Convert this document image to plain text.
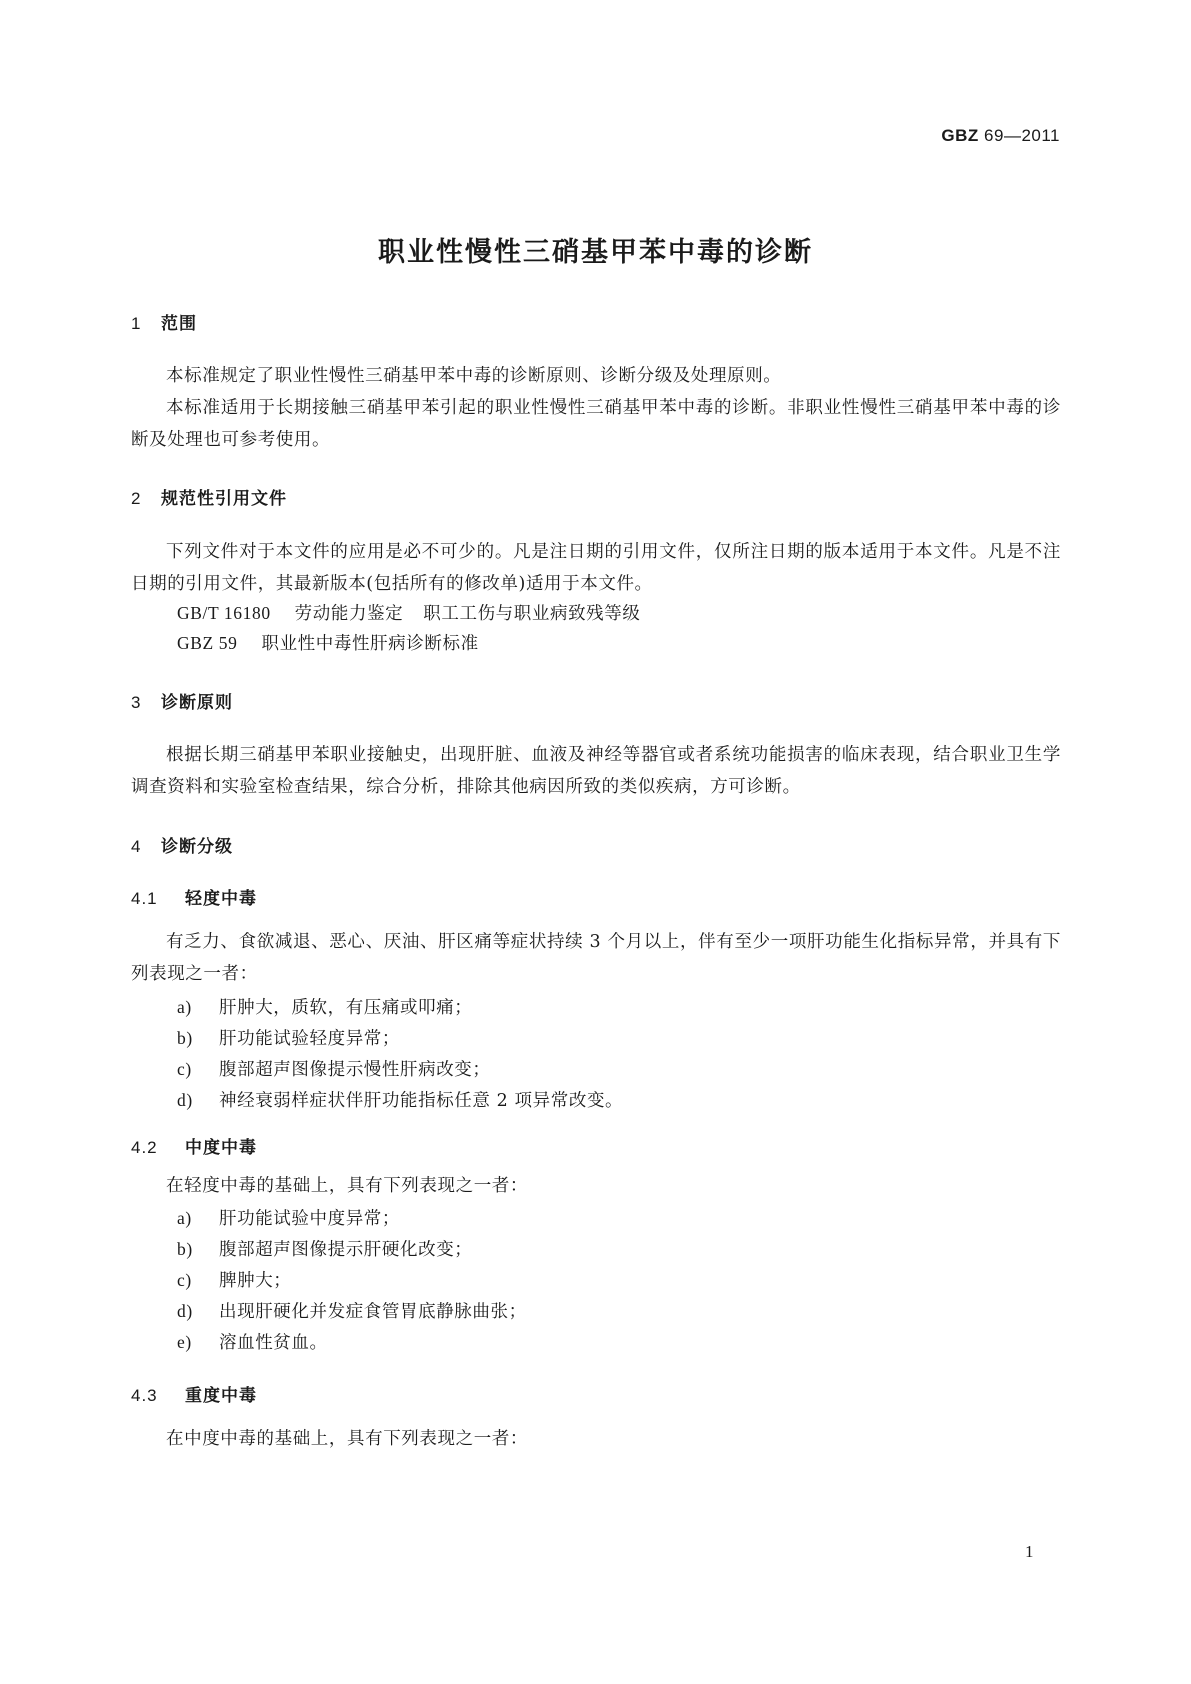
GBZ 69—2011
职业性慢性三硝基甲苯中毒的诊断
1 范围
本标准规定了职业性慢性三硝基甲苯中毒的诊断原则、诊断分级及处理原则。
本标准适用于长期接触三硝基甲苯引起的职业性慢性三硝基甲苯中毒的诊断。非职业性慢性三硝基甲苯中毒的诊断及处理也可参考使用。
2 规范性引用文件
下列文件对于本文件的应用是必不可少的。凡是注日期的引用文件，仅所注日期的版本适用于本文件。凡是不注日期的引用文件，其最新版本(包括所有的修改单)适用于本文件。
GB/T 16180 劳动能力鉴定 职工工伤与职业病致残等级
GBZ 59 职业性中毒性肝病诊断标准
3 诊断原则
根据长期三硝基甲苯职业接触史，出现肝脏、血液及神经等器官或者系统功能损害的临床表现，结合职业卫生学调查资料和实验室检查结果，综合分析，排除其他病因所致的类似疾病，方可诊断。
4 诊断分级
4.1 轻度中毒
有乏力、食欲减退、恶心、厌油、肝区痛等症状持续 3 个月以上，伴有至少一项肝功能生化指标异常，并具有下列表现之一者：
a) 肝肿大，质软，有压痛或叩痛；
b) 肝功能试验轻度异常；
c) 腹部超声图像提示慢性肝病改变；
d) 神经衰弱样症状伴肝功能指标任意 2 项异常改变。
4.2 中度中毒
在轻度中毒的基础上，具有下列表现之一者：
a) 肝功能试验中度异常；
b) 腹部超声图像提示肝硬化改变；
c) 脾肿大；
d) 出现肝硬化并发症食管胃底静脉曲张；
e) 溶血性贫血。
4.3 重度中毒
在中度中毒的基础上，具有下列表现之一者：
1
